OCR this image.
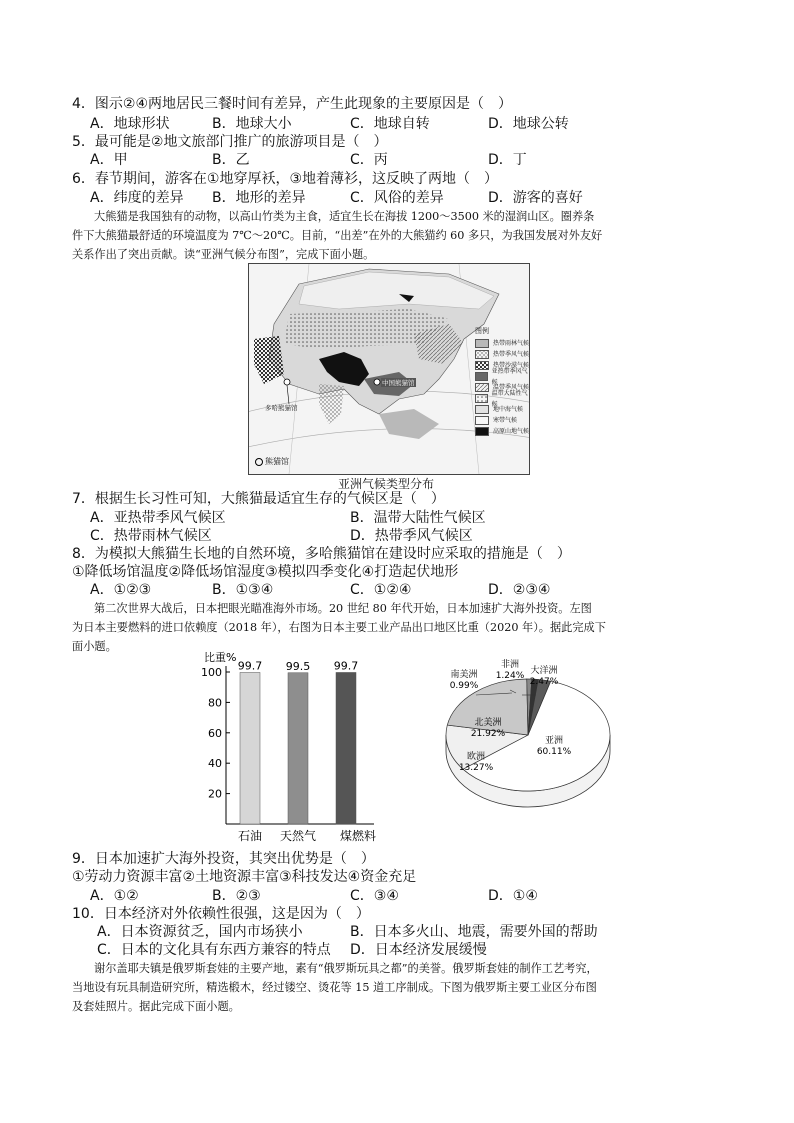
4．图示②④两地居民三餐时间有差异，产生此现象的主要原因是（　）
A．地球形状	B．地球大小	C．地球自转	D．地球公转
5．最可能是②地文旅部门推广的旅游项目是（　）
A．甲	B．乙	C．丙	D．丁
6．春节期间，游客在①地穿厚袄，③地着薄衫，这反映了两地（　）
A．纬度的差异 B．地形的差异	C．风俗的差异	D．游客的喜好
大熊猫是我国独有的动物，以高山竹类为主食，适宜生长在海拔 1200～3500 米的湿润山区。圈养条
件下大熊猫最舒适的环境温度为 7℃～20℃。目前，“出差”在外的大熊猫约 60 多只，为我国发展对外友好
关系作出了突出贡献。读“亚洲气候分布图”，完成下面小题。
多哈熊猫馆
中国熊猫馆
熊猫馆
图例
热带雨林气候
热带季风气候
热带沙漠气候
亚热带季风气候
温带季风气候
温带大陆性气候
地中海气候
寒带气候
高原山地气候
亚洲气候类型分布
7．根据生长习性可知，大熊猫最适宜生存的气候区是（　）
A．亚热带季风气候区	B．温带大陆性气候区
C．热带雨林气候区	D．热带季风气候区
8．为模拟大熊猫生长地的自然环境，多哈熊猫馆在建设时应采取的措施是（　）
①降低场馆温度②降低场馆湿度③模拟四季变化④打造起伏地形
A．①②③	B．①③④	C．①②④	D．②③④
第二次世界大战后，日本把眼光瞄准海外市场。20 世纪 80 年代开始，日本加速扩大海外投资。左图
为日本主要燃料的进口依赖度（2018 年），右图为日本主要工业产品出口地区比重（2020 年）。据此完成下
面小题。
比重%
20
40
60
80
100
99.7
石油
99.5
天然气
99.7
煤 燃料
亚洲
60.11%
欧洲
13.27%
北美洲
21.92%
南美洲
0.99%
非洲
1.24% 大洋洲
2.47%
9．日本加速扩大海外投资，其突出优势是（　）
①劳动力资源丰富②土地资源丰富③科技发达④资金充足
A．①②	B．②③	C．③④	D．①④
10．日本经济对外依赖性很强，这是因为（　）
A．日本资源贫乏，国内市场狭小	B．日本多火山、地震，需要外国的帮助
C．日本的文化具有东西方兼容的特点 D．日本经济发展缓慢
谢尔盖耶夫镇是俄罗斯套娃的主要产地，素有“俄罗斯玩具之都”的美誉。俄罗斯套娃的制作工艺考究，
当地设有玩具制造研究所，精选椴木，经过镂空、烫花等 15 道工序制成。下图为俄罗斯主要工业区分布图
及套娃照片。据此完成下面小题。
